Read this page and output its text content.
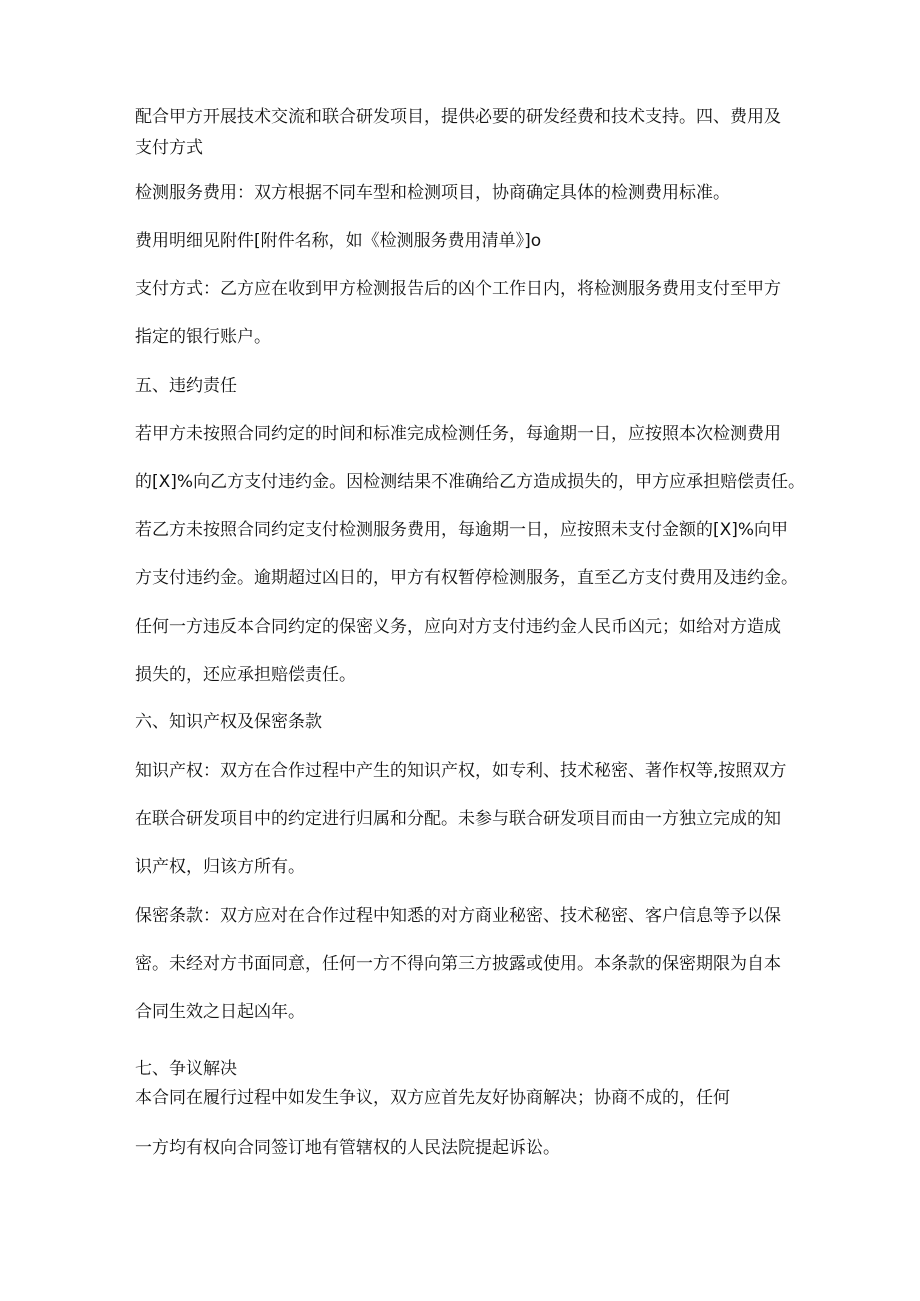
配合甲方开展技术交流和联合研发项目，提供必要的研发经费和技术支持。四、费用及

支付方式

检测服务费用：双方根据不同车型和检测项目，协商确定具体的检测费用标准。

费用明细见附件[附件名称，如《检测服务费用清单》]o

支付方式：乙方应在收到甲方检测报告后的凶个工作日内，将检测服务费用支付至甲方

指定的银行账户。

五、违约责任

若甲方未按照合同约定的时间和标准完成检测任务，每逾期一日，应按照本次检测费用

的[X]%向乙方支付违约金。因检测结果不准确给乙方造成损失的，甲方应承担赔偿责任。

若乙方未按照合同约定支付检测服务费用，每逾期一日，应按照未支付金额的[X]%向甲

方支付违约金。逾期超过凶日的，甲方有权暂停检测服务，直至乙方支付费用及违约金。

任何一方违反本合同约定的保密义务，应向对方支付违约金人民币凶元；如给对方造成

损失的，还应承担赔偿责任。

六、知识产权及保密条款

知识产权：双方在合作过程中产生的知识产权，如专利、技术秘密、著作权等,按照双方

在联合研发项目中的约定进行归属和分配。未参与联合研发项目而由一方独立完成的知

识产权，归该方所有。

保密条款：双方应对在合作过程中知悉的对方商业秘密、技术秘密、客户信息等予以保

密。未经对方书面同意，任何一方不得向第三方披露或使用。本条款的保密期限为自本

合同生效之日起凶年。

七、争议解决

本合同在履行过程中如发生争议，双方应首先友好协商解决；协商不成的，任何

一方均有权向合同签订地有管辖权的人民法院提起诉讼。
